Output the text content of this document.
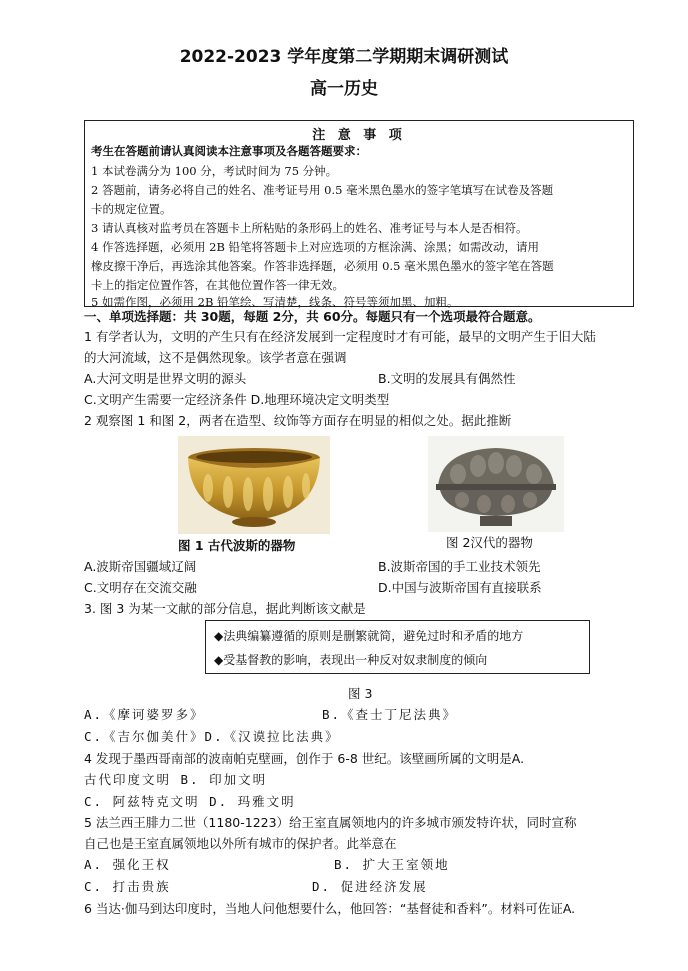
2022-2023 学年度第二学期期末调研测试
高一历史
注 意 事 项
考生在答题前请认真阅读本注意事项及各题答题要求：
1 本试卷满分为 100 分，考试时间为 75 分钟。
2 答题前，请务必将自己的姓名、准考证号用 0.5 毫米黑色墨水的签字笔填写在试卷及答题
卡的规定位置。
3 请认真核对监考员在答题卡上所粘贴的条形码上的姓名、准考证号与本人是否相符。
4 作答选择题，必须用 2B 铅笔将答题卡上对应选项的方框涂满、涂黑；如需改动，请用
橡皮擦干净后，再选涂其他答案。作答非选择题，必须用 0.5 毫米黑色墨水的签字笔在答题
卡上的指定位置作答，在其他位置作答一律无效。
5 如需作图，必须用 2B 铅笔绘、写清楚，线条、符号等须加黑、加粗。
一、单项选择题：共 30题，每题 2分，共 60分。每题只有一个选项最符合题意。
1 有学者认为，文明的产生只有在经济发展到一定程度时才有可能，最早的文明产生于旧大陆
的大河流域，这不是偶然现象。该学者意在强调
A.大河文明是世界文明的源头	B.文明的发展具有偶然性
C.文明产生需要一定经济条件 D.地理环境决定文明类型
2 观察图 1 和图 2，两者在造型、纹饰等方面存在明显的相似之处。据此推断
图 1 古代波斯的器物	图 2汉代的器物
A.波斯帝国疆域辽阔	B.波斯帝国的手工业技术领先
C.文明存在交流交融	D.中国与波斯帝国有直接联系
3. 图 3 为某一文献的部分信息，据此判断该文献是
◆法典编纂遵循的原则是删繁就简，避免过时和矛盾的地方
◆受基督教的影响，表现出一种反对奴隶制度的倾向
图 3
A.《摩诃婆罗多》	B.《查士丁尼法典》
C.《吉尔伽美什》D.《汉谟拉比法典》
4 发现于墨西哥南部的波南帕克壁画，创作于 6-8 世纪。该壁画所属的文明是A.
古代印度文明 B. 印加文明
C. 阿兹特克文明 D. 玛雅文明
5 法兰西王腓力二世（1180-1223）给王室直属领地内的许多城市颁发特许状，同时宣称
自己也是王室直属领地以外所有城市的保护者。此举意在
A. 强化王权	B. 扩大王室领地
C. 打击贵族	D. 促进经济发展
6 当达·伽马到达印度时，当地人问他想要什么，他回答：“基督徒和香料”。材料可佐证A.
